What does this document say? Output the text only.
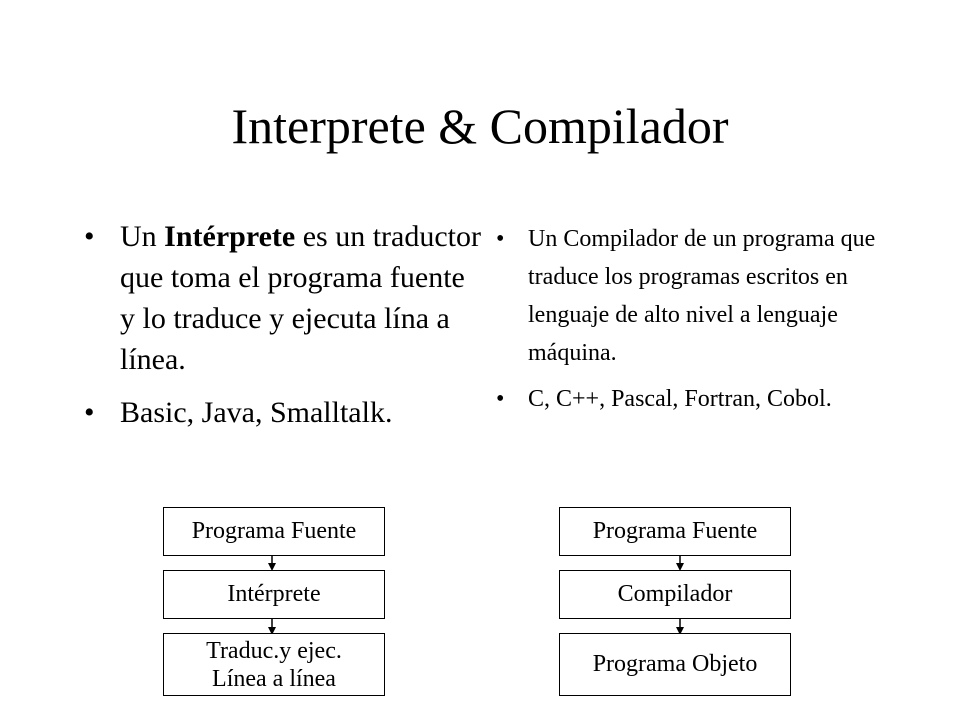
Interprete & Compilador
• Un Intérprete es un traductor que toma el programa fuente y lo traduce y ejecuta lína a línea.
• Basic, Java, Smalltalk.
• Un Compilador de un programa que traduce los programas escritos en lenguaje de alto nivel a lenguaje máquina.
• C, C++, Pascal, Fortran, Cobol.
Programa Fuente
Intérprete
Traduc.y ejec.
Línea a línea
Programa Fuente
Compilador
Programa Objeto
